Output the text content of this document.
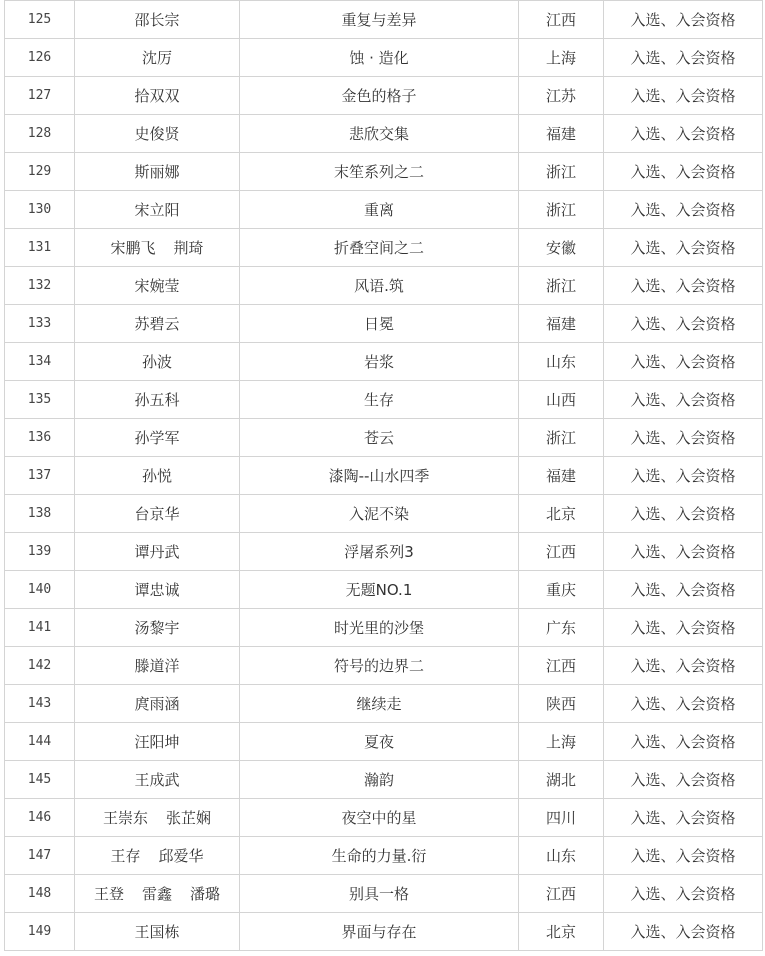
125	邵长宗	重复与差异	江西	入选、入会资格
126	沈厉	蚀 · 造化	上海	入选、入会资格
127	拾双双	金色的格子	江苏	入选、入会资格
128	史俊贤	悲欣交集	福建	入选、入会资格
129	斯丽娜	末笙系列之二	浙江	入选、入会资格
130	宋立阳	重离	浙江	入选、入会资格
131	宋鹏飞 荆琦	折叠空间之二	安徽	入选、入会资格
132	宋婉莹	风语.筑	浙江	入选、入会资格
133	苏碧云	日冕	福建	入选、入会资格
134	孙波	岩浆	山东	入选、入会资格
135	孙五科	生存	山西	入选、入会资格
136	孙学军	苍云	浙江	入选、入会资格
137	孙悦	漆陶--山水四季	福建	入选、入会资格
138	台京华	入泥不染	北京	入选、入会资格
139	谭丹武	浮屠系列3	江西	入选、入会资格
140	谭忠诚	无题NO.1	重庆	入选、入会资格
141	汤黎宇	时光里的沙堡	广东	入选、入会资格
142	滕道洋	符号的边界二	江西	入选、入会资格
143	庹雨涵	继续走	陕西	入选、入会资格
144	汪阳坤	夏夜	上海	入选、入会资格
145	王成武	瀚韵	湖北	入选、入会资格
146	王崇东 张芷娴	夜空中的星	四川	入选、入会资格
147	王存 邱爱华	生命的力量.衍	山东	入选、入会资格
148	王登 雷鑫 潘璐	别具一格	江西	入选、入会资格
149	王国栋	界面与存在	北京	入选、入会资格
